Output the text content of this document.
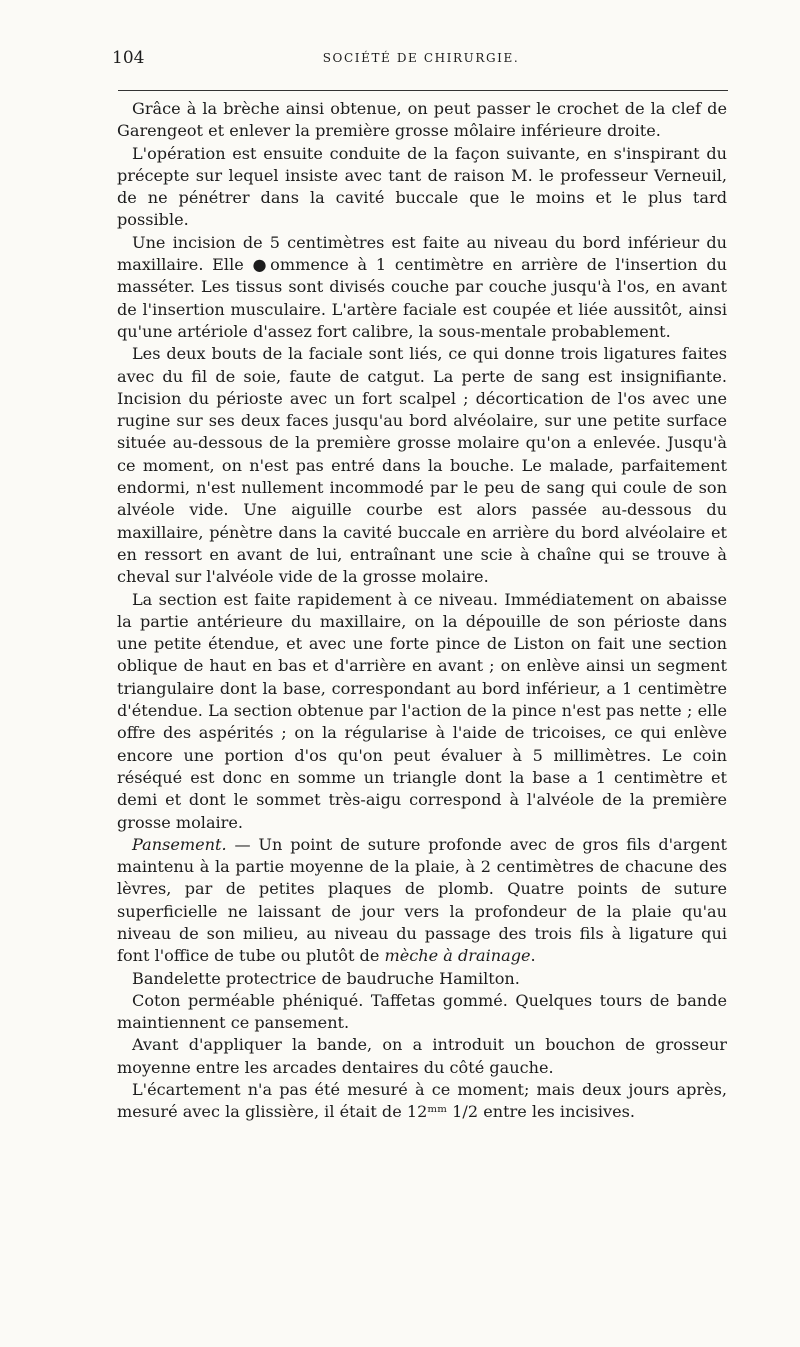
104	SOCIÉTÉ DE CHIRURGIE.

Grâce à la brèche ainsi obtenue, on peut passer le crochet de la clef de Garengeot et enlever la première grosse môlaire inférieure droite.

L'opération est ensuite conduite de la façon suivante, en s'inspirant du précepte sur lequel insiste avec tant de raison M. le professeur Verneuil, de ne pénétrer dans la cavité buccale que le moins et le plus tard possible.

Une incision de 5 centimètres est faite au niveau du bord inférieur du maxillaire. Elle ●ommence à 1 centimètre en arrière de l'insertion du masséter. Les tissus sont divisés couche par couche jusqu'à l'os, en avant de l'insertion musculaire. L'artère faciale est coupée et liée aussitôt, ainsi qu'une artériole d'assez fort calibre, la sous-mentale probablement.

Les deux bouts de la faciale sont liés, ce qui donne trois ligatures faites avec du fil de soie, faute de catgut. La perte de sang est insignifiante. Incision du périoste avec un fort scalpel ; décortication de l'os avec une rugine sur ses deux faces jusqu'au bord alvéolaire, sur une petite surface située au-dessous de la première grosse molaire qu'on a enlevée. Jusqu'à ce moment, on n'est pas entré dans la bouche. Le malade, parfaitement endormi, n'est nullement incommodé par le peu de sang qui coule de son alvéole vide. Une aiguille courbe est alors passée au-dessous du maxillaire, pénètre dans la cavité buccale en arrière du bord alvéolaire et en ressort en avant de lui, entraînant une scie à chaîne qui se trouve à cheval sur l'alvéole vide de la grosse molaire.

La section est faite rapidement à ce niveau. Immédiatement on abaisse la partie antérieure du maxillaire, on la dépouille de son périoste dans une petite étendue, et avec une forte pince de Liston on fait une section oblique de haut en bas et d'arrière en avant ; on enlève ainsi un segment triangulaire dont la base, correspondant au bord inférieur, a 1 centimètre d'étendue. La section obtenue par l'action de la pince n'est pas nette ; elle offre des aspérités ; on la régularise à l'aide de tricoises, ce qui enlève encore une portion d'os qu'on peut évaluer à 5 millimètres. Le coin réséqué est donc en somme un triangle dont la base a 1 centimètre et demi et dont le sommet très-aigu correspond à l'alvéole de la première grosse molaire.

Pansement. — Un point de suture profonde avec de gros fils d'argent maintenu à la partie moyenne de la plaie, à 2 centimètres de chacune des lèvres, par de petites plaques de plomb. Quatre points de suture superficielle ne laissant de jour vers la profondeur de la plaie qu'au niveau de son milieu, au niveau du passage des trois fils à ligature qui font l'office de tube ou plutôt de mèche à drainage.

Bandelette protectrice de baudruche Hamilton.

Coton perméable phéniqué. Taffetas gommé. Quelques tours de bande maintiennent ce pansement.

Avant d'appliquer la bande, on a introduit un bouchon de grosseur moyenne entre les arcades dentaires du côté gauche.

L'écartement n'a pas été mesuré à ce moment; mais deux jours après, mesuré avec la glissière, il était de 12ᵐᵐ 1/2 entre les incisives.
